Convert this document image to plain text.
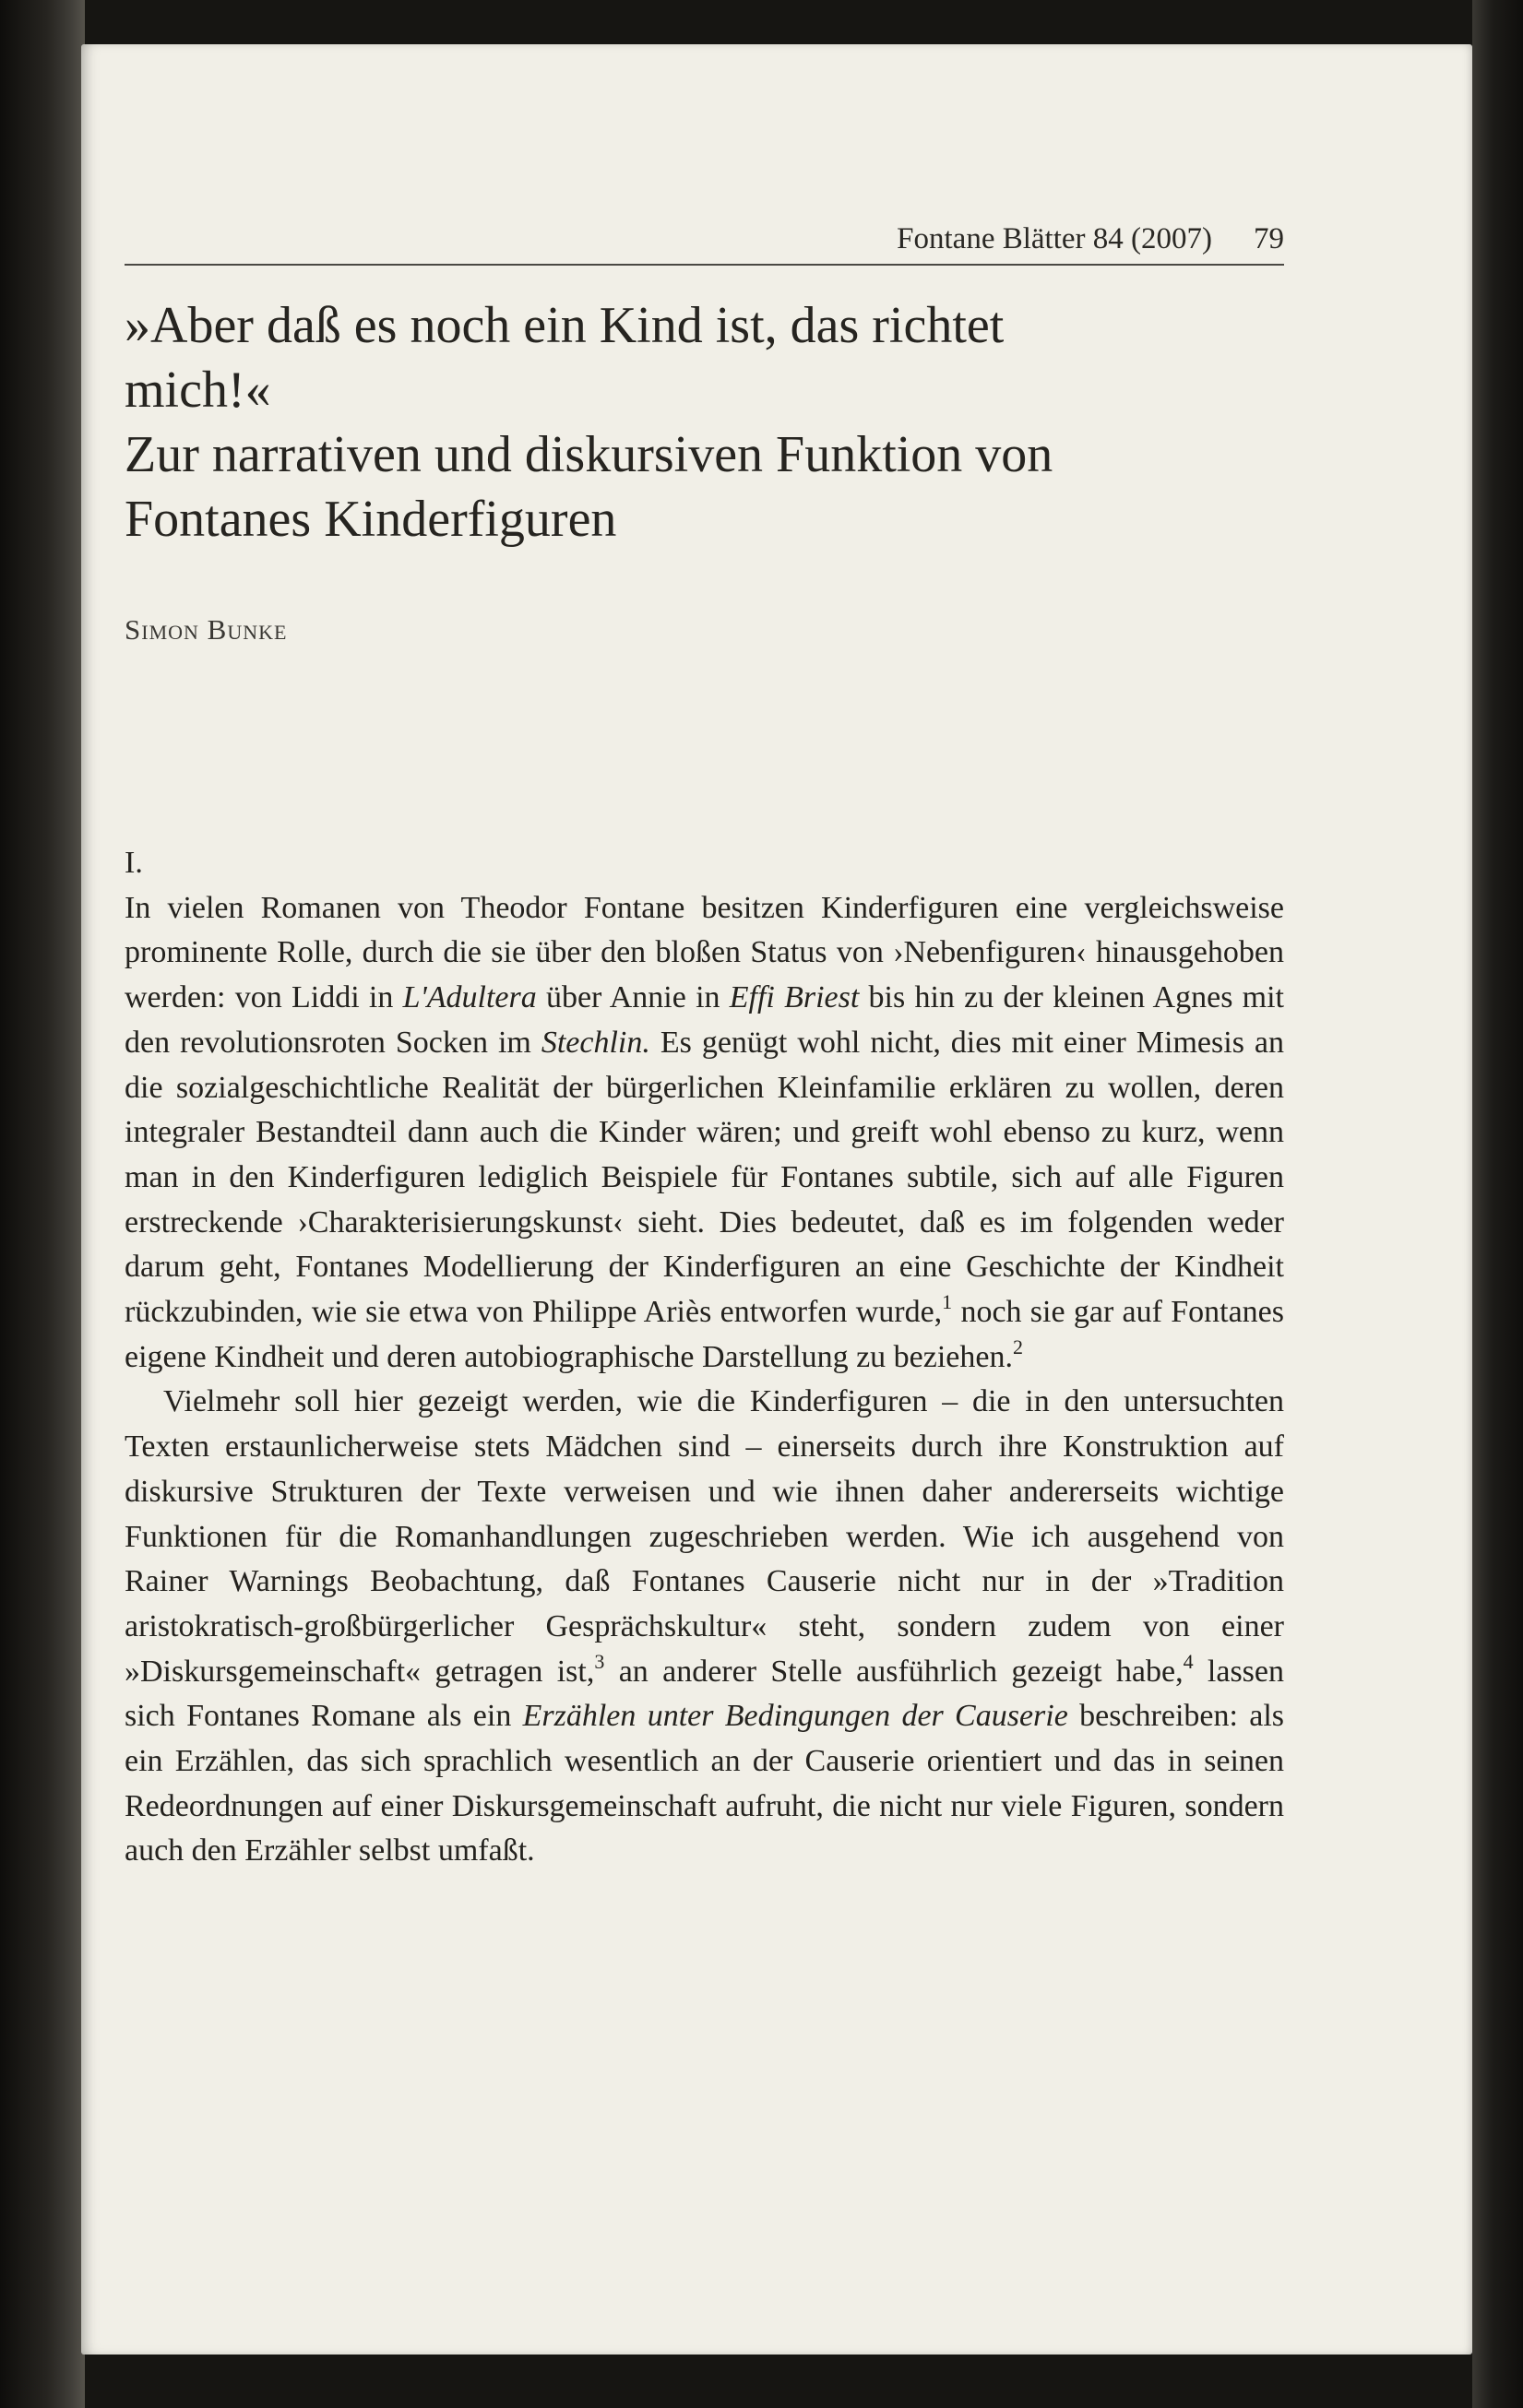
Fontane Blätter 84 (2007) 79
»Aber daß es noch ein Kind ist, das richtet
mich!«
Zur narrativen und diskursiven Funktion von
Fontanes Kinderfiguren
Simon Bunke
I.

In vielen Romanen von Theodor Fontane besitzen Kinderfiguren eine vergleichsweise prominente Rolle, durch die sie über den bloßen Status von ›Nebenfiguren‹ hinausgehoben werden: von Liddi in L'Adultera über Annie in Effi Briest bis hin zu der kleinen Agnes mit den revolutionsroten Socken im Stechlin. Es genügt wohl nicht, dies mit einer Mimesis an die sozialgeschichtliche Realität der bürgerlichen Kleinfamilie erklären zu wollen, deren integraler Bestandteil dann auch die Kinder wären; und greift wohl ebenso zu kurz, wenn man in den Kinderfiguren lediglich Beispiele für Fontanes subtile, sich auf alle Figuren erstreckende ›Charakterisierungskunst‹ sieht. Dies bedeutet, daß es im folgenden weder darum geht, Fontanes Modellierung der Kinderfiguren an eine Geschichte der Kindheit rückzubinden, wie sie etwa von Philippe Ariès entworfen wurde,$^1$ noch sie gar auf Fontanes eigene Kindheit und deren autobiographische Darstellung zu beziehen.$^2$

Vielmehr soll hier gezeigt werden, wie die Kinderfiguren – die in den untersuchten Texten erstaunlicherweise stets Mädchen sind – einerseits durch ihre Konstruktion auf diskursive Strukturen der Texte verweisen und wie ihnen daher andererseits wichtige Funktionen für die Romanhandlungen zugeschrieben werden. Wie ich ausgehend von Rainer Warnings Beobachtung, daß Fontanes Causerie nicht nur in der »Tradition aristokratisch-großbürgerlicher Gesprächskultur« steht, sondern zudem von einer »Diskursgemeinschaft« getragen ist,$^3$ an anderer Stelle ausführlich gezeigt habe,$^4$ lassen sich Fontanes Romane als ein Erzählen unter Bedingungen der Causerie beschreiben: als ein Erzählen, das sich sprachlich wesentlich an der Causerie orientiert und das in seinen Redeordnungen auf einer Diskursgemeinschaft aufruht, die nicht nur viele Figuren, sondern auch den Erzähler selbst umfaßt.
